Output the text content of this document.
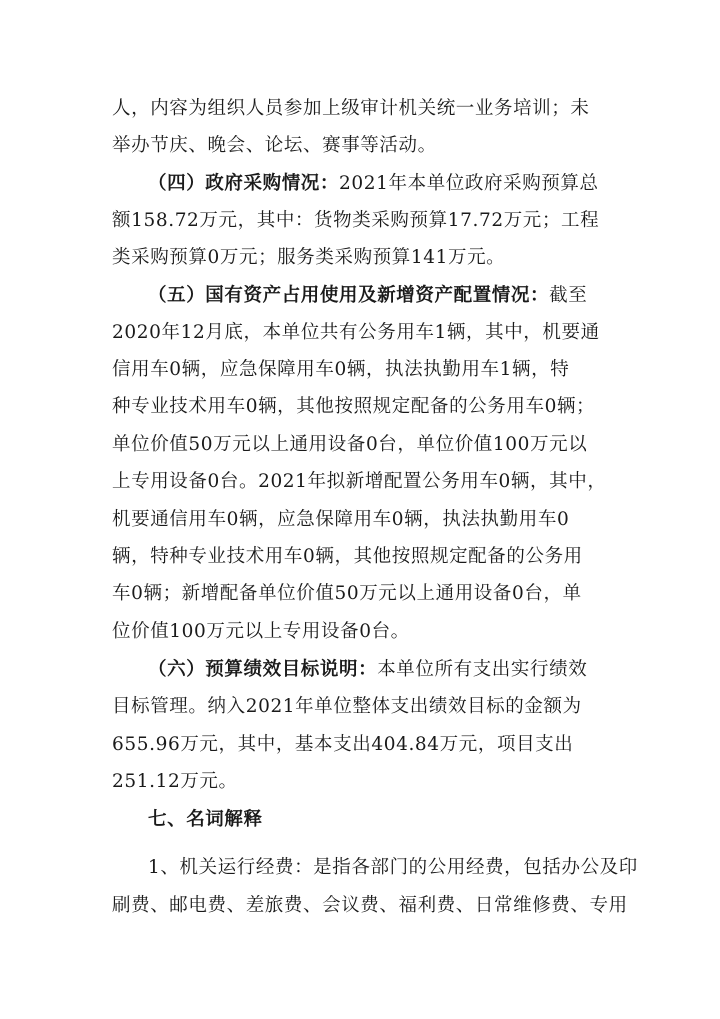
人，内容为组织人员参加上级审计机关统一业务培训；未
举办节庆、晚会、论坛、赛事等活动。
（四）政府采购情况：2021年本单位政府采购预算总
额158.72万元，其中：货物类采购预算17.72万元；工程
类采购预算0万元；服务类采购预算141万元。
（五）国有资产占用使用及新增资产配置情况：截至
2020年12月底，本单位共有公务用车1辆，其中，机要通
信用车0辆，应急保障用车0辆，执法执勤用车1辆，特
种专业技术用车0辆，其他按照规定配备的公务用车0辆；
单位价值50万元以上通用设备0台，单位价值100万元以
上专用设备0台。2021年拟新增配置公务用车0辆，其中，
机要通信用车0辆，应急保障用车0辆，执法执勤用车0
辆，特种专业技术用车0辆，其他按照规定配备的公务用
车0辆；新增配备单位价值50万元以上通用设备0台，单
位价值100万元以上专用设备0台。
（六）预算绩效目标说明：本单位所有支出实行绩效
目标管理。纳入2021年单位整体支出绩效目标的金额为
655.96万元，其中，基本支出404.84万元，项目支出
251.12万元。
七、名词解释
1、机关运行经费：是指各部门的公用经费，包括办公及印
刷费、邮电费、差旅费、会议费、福利费、日常维修费、专用
